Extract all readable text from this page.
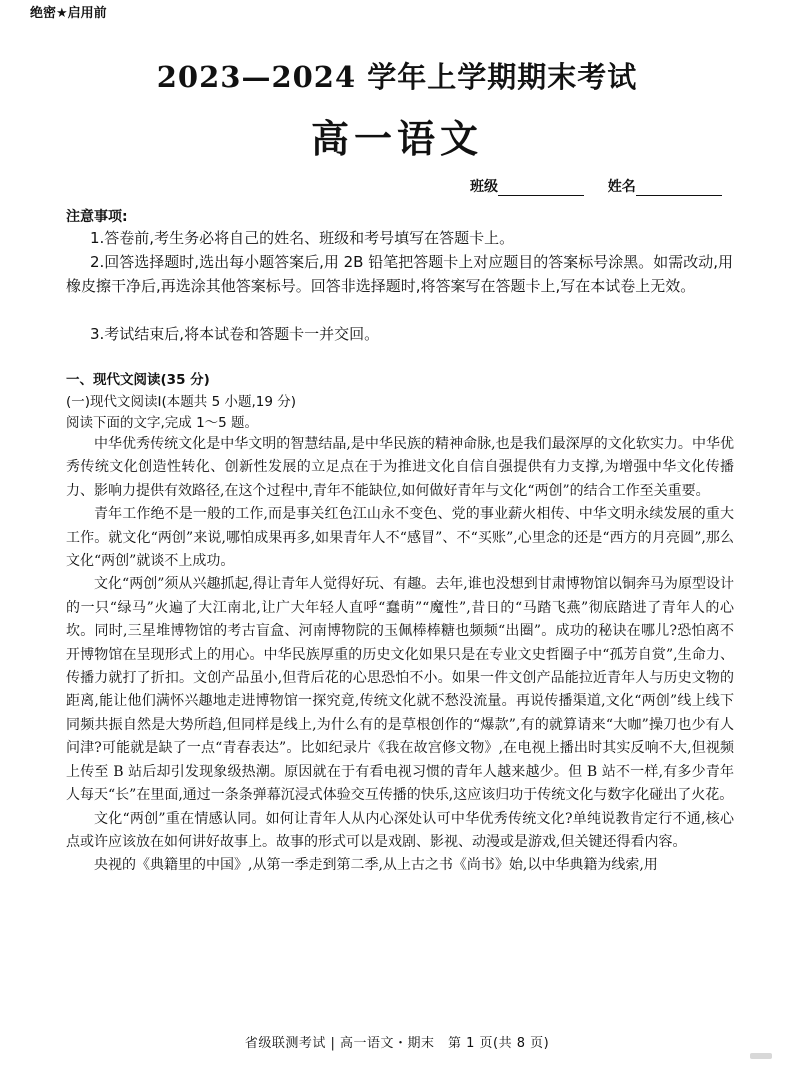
绝密★启用前
2023—2024 学年上学期期末考试
高一语文
班级	姓名
注意事项:

1.答卷前,考生务必将自己的姓名、班级和考号填写在答题卡上。

2.回答选择题时,选出每小题答案后,用 2B 铅笔把答题卡上对应题目的答案标号涂黑。如需改动,用橡皮擦干净后,再选涂其他答案标号。回答非选择题时,将答案写在答题卡上,写在本试卷上无效。

3.考试结束后,将本试卷和答题卡一并交回。

一、现代文阅读(35 分)
(一)现代文阅读Ⅰ(本题共 5 小题,19 分)
阅读下面的文字,完成 1～5 题。

中华优秀传统文化是中华文明的智慧结晶,是中华民族的精神命脉,也是我们最深厚的文化软实力。中华优秀传统文化创造性转化、创新性发展的立足点在于为推进文化自信自强提供有力支撑,为增强中华文化传播力、影响力提供有效路径,在这个过程中,青年不能缺位,如何做好青年与文化“两创”的结合工作至关重要。

青年工作绝不是一般的工作,而是事关红色江山永不变色、党的事业薪火相传、中华文明永续发展的重大工作。就文化“两创”来说,哪怕成果再多,如果青年人不“感冒”、不“买账”,心里念的还是“西方的月亮圆”,那么文化“两创”就谈不上成功。

文化“两创”须从兴趣抓起,得让青年人觉得好玩、有趣。去年,谁也没想到甘肃博物馆以铜奔马为原型设计的一只“绿马”火遍了大江南北,让广大年轻人直呼“蠢萌”“魔性”,昔日的“马踏飞燕”彻底踏进了青年人的心坎。同时,三星堆博物馆的考古盲盒、河南博物院的玉佩棒棒糖也频频“出圈”。成功的秘诀在哪儿?恐怕离不开博物馆在呈现形式上的用心。中华民族厚重的历史文化如果只是在专业文史哲圈子中“孤芳自赏”,生命力、传播力就打了折扣。文创产品虽小,但背后花的心思恐怕不小。如果一件文创产品能拉近青年人与历史文物的距离,能让他们满怀兴趣地走进博物馆一探究竟,传统文化就不愁没流量。再说传播渠道,文化“两创”线上线下同频共振自然是大势所趋,但同样是线上,为什么有的是草根创作的“爆款”,有的就算请来“大咖”操刀也少有人问津?可能就是缺了一点“青春表达”。比如纪录片《我在故宫修文物》,在电视上播出时其实反响不大,但视频上传至 B 站后却引发现象级热潮。原因就在于有看电视习惯的青年人越来越少。但 B 站不一样,有多少青年人每天“长”在里面,通过一条条弹幕沉浸式体验交互传播的快乐,这应该归功于传统文化与数字化碰出了火花。

文化“两创”重在情感认同。如何让青年人从内心深处认可中华优秀传统文化?单纯说教肯定行不通,核心点或许应该放在如何讲好故事上。故事的形式可以是戏剧、影视、动漫或是游戏,但关键还得看内容。

央视的《典籍里的中国》,从第一季走到第二季,从上古之书《尚书》始,以中华典籍为线索,用

省级联测考试 | 高一语文・期末　第 1 页(共 8 页)
